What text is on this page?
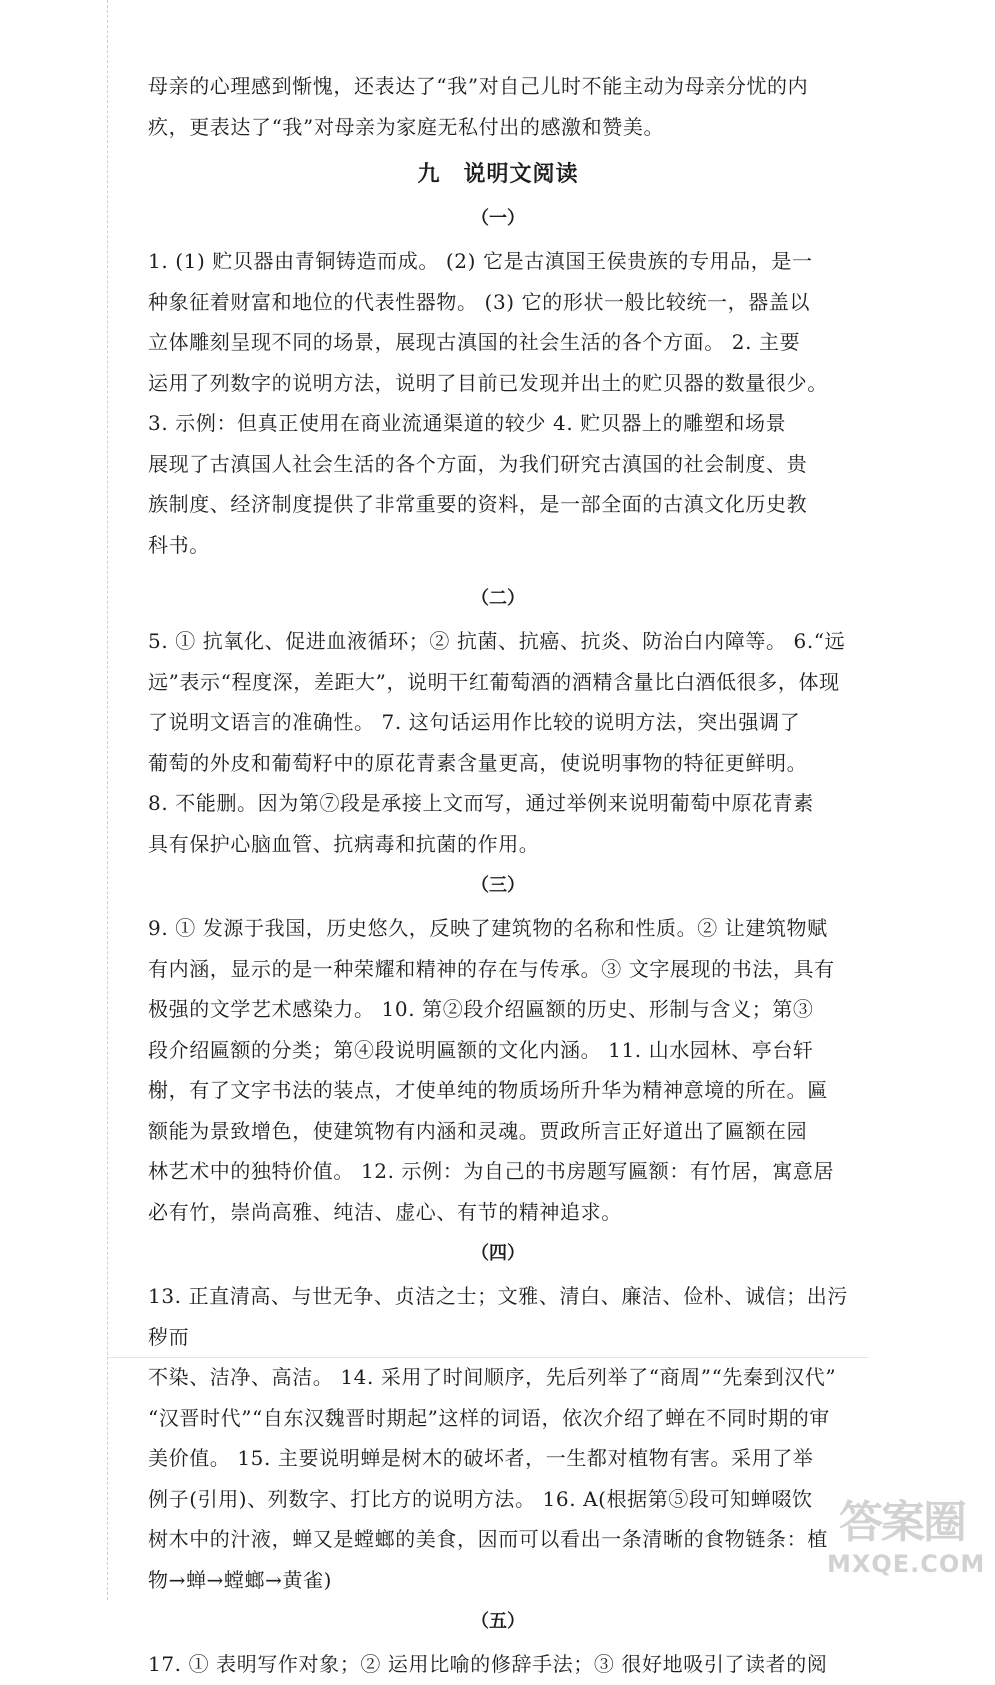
母亲的心理感到惭愧，还表达了“我”对自己儿时不能主动为母亲分忧的内

疚，更表达了“我”对母亲为家庭无私付出的感激和赞美。

九　说明文阅读
（一）

1. (1) 贮贝器由青铜铸造而成。 (2) 它是古滇国王侯贵族的专用品，是一

种象征着财富和地位的代表性器物。 (3) 它的形状一般比较统一，器盖以

立体雕刻呈现不同的场景，展现古滇国的社会生活的各个方面。 2. 主要

运用了列数字的说明方法，说明了目前已发现并出土的贮贝器的数量很少。

3. 示例：但真正使用在商业流通渠道的较少 4. 贮贝器上的雕塑和场景

展现了古滇国人社会生活的各个方面，为我们研究古滇国的社会制度、贵

族制度、经济制度提供了非常重要的资料，是一部全面的古滇文化历史教

科书。

（二）

5. ① 抗氧化、促进血液循环；② 抗菌、抗癌、抗炎、防治白内障等。 6.“远

远”表示“程度深，差距大”，说明干红葡萄酒的酒精含量比白酒低很多，体现

了说明文语言的准确性。 7. 这句话运用作比较的说明方法，突出强调了

葡萄的外皮和葡萄籽中的原花青素含量更高，使说明事物的特征更鲜明。

8. 不能删。因为第⑦段是承接上文而写，通过举例来说明葡萄中原花青素

具有保护心脑血管、抗病毒和抗菌的作用。

（三）

9. ① 发源于我国，历史悠久，反映了建筑物的名称和性质。② 让建筑物赋

有内涵，显示的是一种荣耀和精神的存在与传承。③ 文字展现的书法，具有

极强的文学艺术感染力。 10. 第②段介绍匾额的历史、形制与含义；第③

段介绍匾额的分类；第④段说明匾额的文化内涵。 11. 山水园林、亭台轩

榭，有了文字书法的装点，才使单纯的物质场所升华为精神意境的所在。匾

额能为景致增色，使建筑物有内涵和灵魂。贾政所言正好道出了匾额在园

林艺术中的独特价值。 12. 示例：为自己的书房题写匾额：有竹居，寓意居

必有竹，崇尚高雅、纯洁、虚心、有节的精神追求。

（四）

13. 正直清高、与世无争、贞洁之士；文雅、清白、廉洁、俭朴、诚信；出污秽而

不染、洁净、高洁。 14. 采用了时间顺序，先后列举了“商周”“先秦到汉代”

“汉晋时代”“自东汉魏晋时期起”这样的词语，依次介绍了蝉在不同时期的审

美价值。 15. 主要说明蝉是树木的破坏者，一生都对植物有害。采用了举

例子(引用)、列数字、打比方的说明方法。 16. A(根据第⑤段可知蝉啜饮

树木中的汁液，蝉又是螳螂的美食，因而可以看出一条清晰的食物链条：植

物→蝉→螳螂→黄雀)

（五）

17. ① 表明写作对象；② 运用比喻的修辞手法；③ 很好地吸引了读者的阅

答案圈
MXQE.COM
